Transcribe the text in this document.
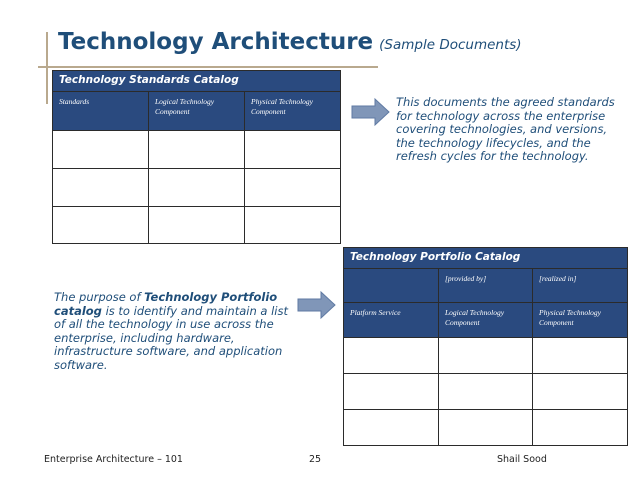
Technology Architecture (Sample Documents)
Technology Standards Catalog		
Standards	Logical Technology Component	Physical Technology Component

This documents the agreed standards for technology across the enterprise covering technologies, and versions, the technology lifecycles, and the refresh cycles for the technology.
Technology Portfolio Catalog		
	[provided by]	[realized in]
Platform Service	Logical Technology Component	Physical Technology Component

The purpose of Technology Portfolio catalog is to identify and maintain a list of all the technology in use across the enterprise, including hardware, infrastructure software, and application software.
Enterprise Architecture – 101	25	Shail Sood
